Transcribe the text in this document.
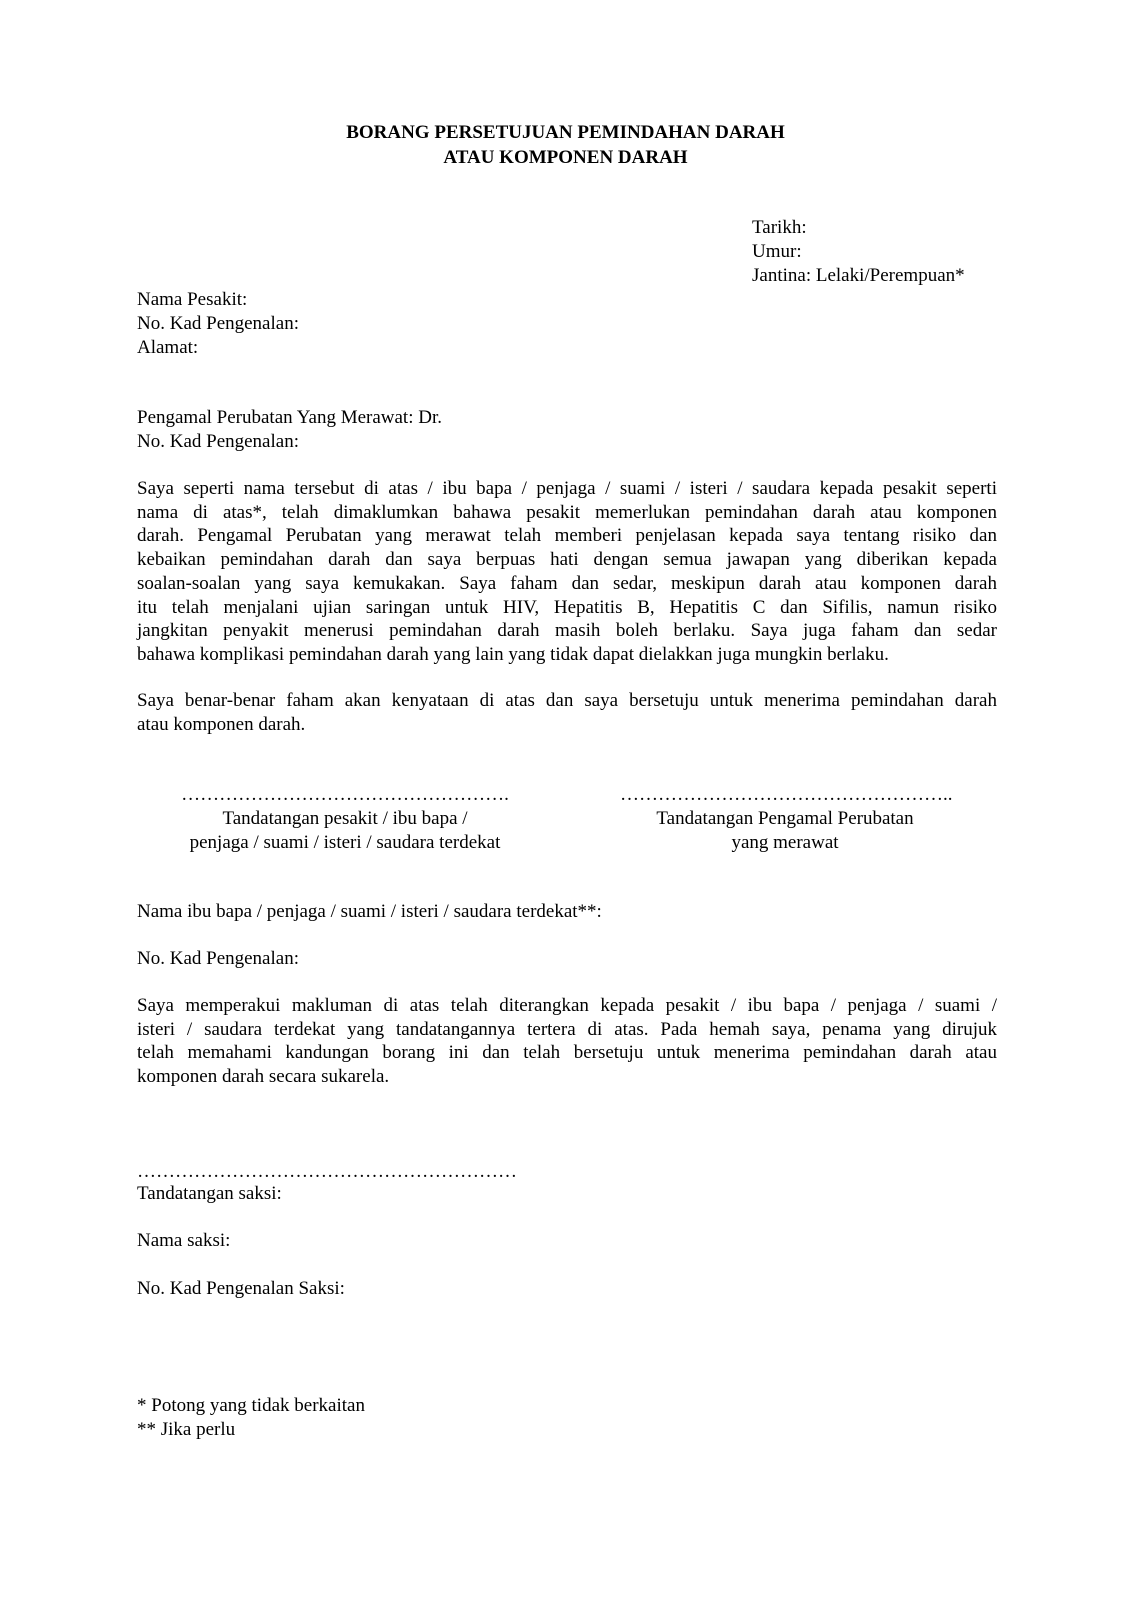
BORANG PERSETUJUAN PEMINDAHAN DARAH
ATAU KOMPONEN DARAH
Tarikh:
Umur:
Jantina: Lelaki/Perempuan*
Nama Pesakit:
No. Kad Pengenalan:
Alamat:
Pengamal Perubatan Yang Merawat: Dr.
No. Kad Pengenalan:
Saya seperti nama tersebut di atas / ibu bapa / penjaga / suami / isteri / saudara kepada pesakit seperti
nama di atas*, telah dimaklumkan bahawa pesakit memerlukan pemindahan darah atau komponen
darah. Pengamal Perubatan yang merawat telah memberi penjelasan kepada saya tentang risiko dan
kebaikan pemindahan darah dan saya berpuas hati dengan semua jawapan yang diberikan kepada
soalan-soalan yang saya kemukakan. Saya faham dan sedar, meskipun darah atau komponen darah
itu telah menjalani ujian saringan untuk HIV, Hepatitis B, Hepatitis C dan Sifilis, namun risiko
jangkitan penyakit menerusi pemindahan darah masih boleh berlaku. Saya juga faham dan sedar
bahawa komplikasi pemindahan darah yang lain yang tidak dapat dielakkan juga mungkin berlaku.
Saya benar-benar faham akan kenyataan di atas dan saya bersetuju untuk menerima pemindahan darah
atau komponen darah.
…………………………………………….
Tandatangan pesakit / ibu bapa /
penjaga / suami / isteri / saudara terdekat
……………………………………………..
Tandatangan Pengamal Perubatan
yang merawat
Nama ibu bapa / penjaga / suami / isteri / saudara terdekat**:
No. Kad Pengenalan:
Saya memperakui makluman di atas telah diterangkan kepada pesakit / ibu bapa / penjaga / suami /
isteri / saudara terdekat yang tandatangannya tertera di atas. Pada hemah saya, penama yang dirujuk
telah memahami kandungan borang ini dan telah bersetuju untuk menerima pemindahan darah atau
komponen darah secara sukarela.
……………………………………………………
Tandatangan saksi:
Nama saksi:
No. Kad Pengenalan Saksi:
* Potong yang tidak berkaitan
** Jika perlu
